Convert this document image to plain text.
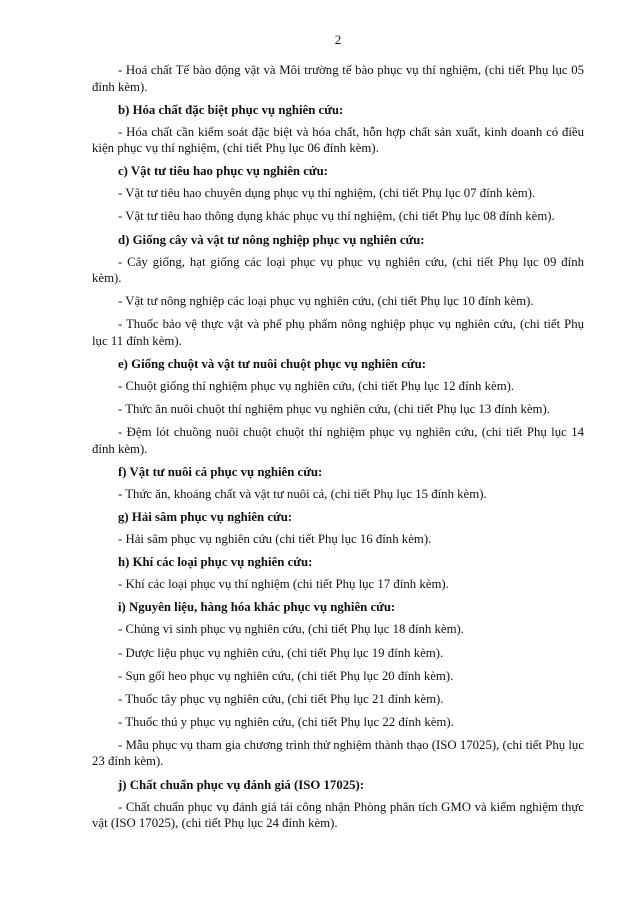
2

- Hoá chất Tế bào động vật và Môi trường tế bào phục vụ thí nghiệm, (chi tiết Phụ lục 05 đính kèm).

b) Hóa chất đặc biệt phục vụ nghiên cứu:

- Hóa chất cần kiểm soát đặc biệt và hóa chất, hỗn hợp chất sản xuất, kinh doanh có điều kiện phục vụ thí nghiệm, (chi tiết Phụ lục 06 đính kèm).

c) Vật tư tiêu hao phục vụ nghiên cứu:

- Vật tư tiêu hao chuyên dụng phục vụ thí nghiệm, (chi tiết Phụ lục 07 đính kèm).

- Vật tư tiêu hao thông dụng khác phục vụ thí nghiệm, (chi tiết Phụ lục 08 đính kèm).

d) Giống cây và vật tư nông nghiệp phục vụ nghiên cứu:

- Cây giống, hạt giống các loại phục vụ phục vụ nghiên cứu, (chi tiết Phụ lục 09 đính kèm).

- Vật tư nông nghiệp các loại phục vụ nghiên cứu, (chi tiết Phụ lục 10 đính kèm).

- Thuốc bảo vệ thực vật và phế phụ phẩm nông nghiệp phục vụ nghiên cứu, (chi tiết Phụ lục 11 đính kèm).

e) Giống chuột và vật tư nuôi chuột phục vụ nghiên cứu:

- Chuột giống thí nghiệm phục vụ nghiên cứu, (chi tiết Phụ lục 12 đính kèm).

- Thức ăn nuôi chuột thí nghiệm phục vụ nghiên cứu, (chi tiết Phụ lục 13 đính kèm).

- Đệm lót chuồng nuôi chuột chuột thí nghiệm phục vụ nghiên cứu, (chi tiết Phụ lục 14 đính kèm).

f) Vật tư nuôi cá phục vụ nghiên cứu:

- Thức ăn, khoáng chất và vật tư nuôi cá, (chi tiết Phụ lục 15 đính kèm).

g) Hải sâm phục vụ nghiên cứu:

- Hải sâm phục vụ nghiên cứu (chi tiết Phụ lục 16 đính kèm).

h) Khí các loại phục vụ nghiên cứu:

- Khí các loại phục vụ thí nghiệm (chi tiết Phụ lục 17 đính kèm).

i) Nguyên liệu, hàng hóa khác phục vụ nghiên cứu:

- Chủng vi sinh phục vụ nghiên cứu, (chi tiết Phụ lục 18 đính kèm).

- Dược liệu phục vụ nghiên cứu, (chi tiết Phụ lục 19 đính kèm).

- Sụn gối heo phục vụ nghiên cứu, (chi tiết Phụ lục 20 đính kèm).

- Thuốc tây phục vụ nghiên cứu, (chi tiết Phụ lục 21 đính kèm).

- Thuốc thú y phục vụ nghiên cứu, (chi tiết Phụ lục 22 đính kèm).

- Mẫu phục vụ tham gia chương trình thử nghiệm thành thạo (ISO 17025), (chi tiết Phụ lục 23 đính kèm).

j) Chất chuẩn phục vụ đánh giá (ISO 17025):

- Chất chuẩn phục vụ đánh giá tái công nhận Phòng phân tích GMO và kiểm nghiệm thực vật (ISO 17025), (chi tiết Phụ lục 24 đính kèm).
